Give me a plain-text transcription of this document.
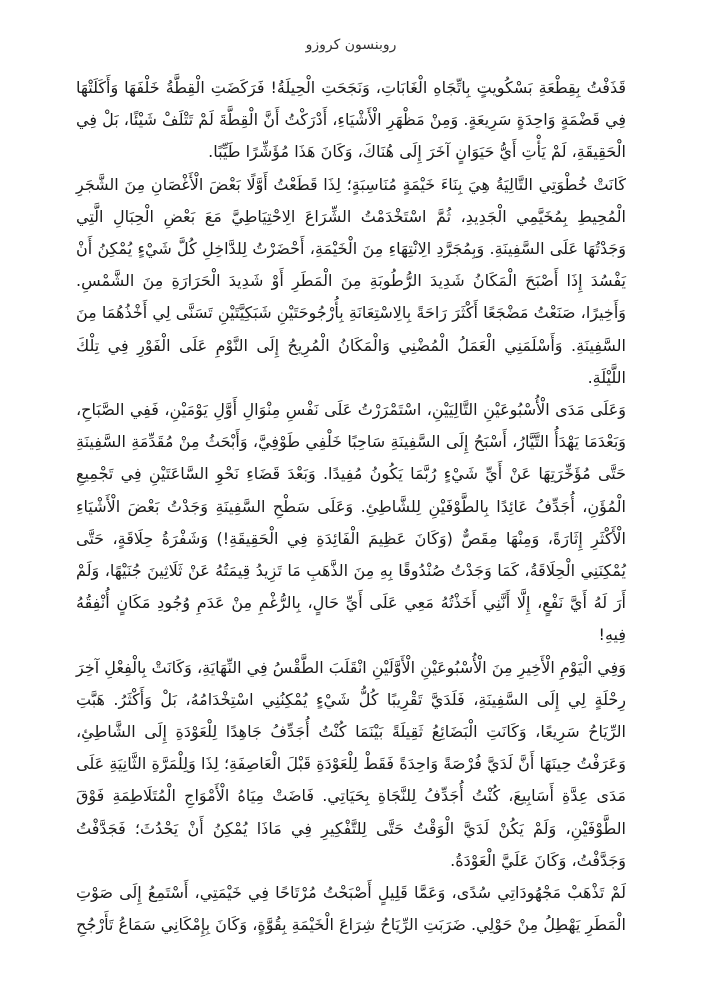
روبنسون كروزو

قَذَفْتُ بِقِطْعَةِ بَسْكُويتٍ بِاتِّجَاهِ الْغَابَاتِ، وَنَجَحَتِ الْحِيلَةُ! فَرَكَضَتِ الْقِطَّةُ خَلْفَهَا وَأَكَلَتْهَا فِي قَضْمَةٍ وَاحِدَةٍ سَرِيعَةٍ. وَمِنْ مَظْهَرِ الْأَشْيَاءِ، أَدْرَكْتُ أَنَّ الْقِطَّةَ لَمْ تَتْلَفْ شَيْئًا، بَلْ فِي الْحَقِيقَةِ، لَمْ يَأْتِ أَيُّ حَيَوَانٍ آخَرَ إِلَى هُنَاكَ، وَكَانَ هَذَا مُؤَشِّرًا طَيِّبًا.

كَانَتْ خُطْوَتِي التَّالِيَةُ هِيَ بِنَاءَ خَيْمَةٍ مُنَاسِبَةٍ؛ لِذَا قَطَعْتُ أَوَّلًا بَعْضَ الْأَغْصَانِ مِنَ الشَّجَرِ الْمُحِيطِ بِمُخَيَّمِي الْجَدِيدِ، ثُمَّ اسْتَخْدَمْتُ الشِّرَاعَ الِاحْتِيَاطِيَّ مَعَ بَعْضِ الْحِبَالِ الَّتِي وَجَدْتُهَا عَلَى السَّفِينَةِ. وَبِمُجَرَّدِ الِانْتِهَاءِ مِنَ الْخَيْمَةِ، أَحْضَرْتُ لِلدَّاخِلِ كُلَّ شَيْءٍ يُمْكِنُ أَنْ يَفْسُدَ إِذَا أَصْبَحَ الْمَكَانُ شَدِيدَ الرُّطُوبَةِ مِنَ الْمَطَرِ أَوْ شَدِيدَ الْحَرَارَةِ مِنَ الشَّمْسِ. وَأَخِيرًا، صَنَعْتُ مَضْجَعًا أَكْثَرَ رَاحَةً بِالِاسْتِعَانَةِ بِأُرْجُوحَتَيْنِ شَبَكِيَّتَيْنِ تَسَنَّى لِي أَخْذُهُمَا مِنَ السَّفِينَةِ. وَأَسْلَمَنِي الْعَمَلُ الْمُضْنِي وَالْمَكَانُ الْمُرِيحُ إِلَى النَّوْمِ عَلَى الْفَوْرِ فِي تِلْكَ اللَّيْلَةِ.

وَعَلَى مَدَى الْأُسْبُوعَيْنِ التَّالِيَيْنِ، اسْتَمْرَرْتُ عَلَى نَفْسِ مِنْوَالِ أَوَّلِ يَوْمَيْنِ، فَفِي الصَّبَاحِ، وَبَعْدَمَا يَهْدَأُ التَّيَّارُ، أَسْبَحُ إِلَى السَّفِينَةِ سَاحِبًا خَلْفِي طَوْفِيَّ، وَأَبْحَثُ مِنْ مُقَدِّمَةِ السَّفِينَةِ حَتَّى مُؤَخِّرَتِهَا عَنْ أَيِّ شَيْءٍ رُبَّمَا يَكُونُ مُفِيدًا. وَبَعْدَ قَضَاءِ نَحْوِ السَّاعَتَيْنِ فِي تَجْمِيعِ الْمُؤَنِ، أُجَدِّفُ عَائِدًا بِالطَّوْفَيْنِ لِلشَّاطِئِ. وَعَلَى سَطْحِ السَّفِينَةِ وَجَدْتُ بَعْضَ الْأَشْيَاءِ الْأَكْثَرِ إِثَارَةً، وَمِنْهَا مِقَصٌّ (وَكَانَ عَظِيمَ الْفَائِدَةِ فِي الْحَقِيقَةِ!) وَشَفْرَةُ حِلَاقَةٍ، حَتَّى يُمْكِنَنِي الْحِلَاقَةُ، كَمَا وَجَدْتُ صُنْدُوقًا بِهِ مِنَ الذَّهَبِ مَا تَزِيدُ قِيمَتُهُ عَنْ ثَلَاثِينَ جُنَيْهًا، وَلَمْ أَرَ لَهُ أَيَّ نَفْعٍ، إِلَّا أَنَّنِي أَخَذْتُهُ مَعِي عَلَى أَيِّ حَالٍ، بِالرُّغْمِ مِنْ عَدَمِ وُجُودِ مَكَانٍ أُنْفِقُهُ فِيهِ!

وَفِي الْيَوْمِ الْأَخِيرِ مِنَ الْأُسْبُوعَيْنِ الْأَوَّلَيْنِ انْقَلَبَ الطَّقْسُ فِي النِّهَايَةِ، وَكَانَتْ بِالْفِعْلِ آخِرَ رِحْلَةٍ لِي إِلَى السَّفِينَةِ، فَلَدَيَّ تَقْرِيبًا كُلُّ شَيْءٍ يُمْكِنُنِي اسْتِخْدَامُهُ، بَلْ وَأَكْثَرُ. هَبَّتِ الرِّيَاحُ سَرِيعًا، وَكَانَتِ الْبَضَائِعُ ثَقِيلَةً بَيْنَمَا كُنْتُ أُجَدِّفُ جَاهِدًا لِلْعَوْدَةِ إِلَى الشَّاطِئِ، وَعَرَفْتُ حِينَهَا أَنَّ لَدَيَّ فُرْصَةً وَاحِدَةً فَقَطْ لِلْعَوْدَةِ قَبْلَ الْعَاصِفَةِ؛ لِذَا وَلِلْمَرَّةِ الثَّانِيَةِ عَلَى مَدَى عِدَّةِ أَسَابِيعَ، كُنْتُ أُجَدِّفُ لِلنَّجَاةِ بِحَيَاتِي. فَاضَتْ مِيَاهُ الْأَمْوَاجِ الْمُتَلَاطِمَةِ فَوْقَ الطَّوْفَيْنِ، وَلَمْ يَكُنْ لَدَيَّ الْوَقْتُ حَتَّى لِلتَّفْكِيرِ فِي مَاذَا يُمْكِنُ أَنْ يَحْدُثَ؛ فَجَدَّفْتُ وَجَدَّفْتُ، وَكَانَ عَلَيَّ الْعَوْدَةُ.

لَمْ تَذْهَبْ مَجْهُودَاتِي سُدًى، وَعَمَّا قَلِيلٍ أَصْبَحْتُ مُرْتَاحًا فِي خَيْمَتِي، أَسْتَمِعُ إِلَى صَوْتِ الْمَطَرِ يَهْطِلُ مِنْ حَوْلِي. ضَرَبَتِ الرِّيَاحُ شِرَاعَ الْخَيْمَةِ بِقُوَّةٍ، وَكَانَ بِإِمْكَانِي سَمَاعُ تَأَرْجُحِ
